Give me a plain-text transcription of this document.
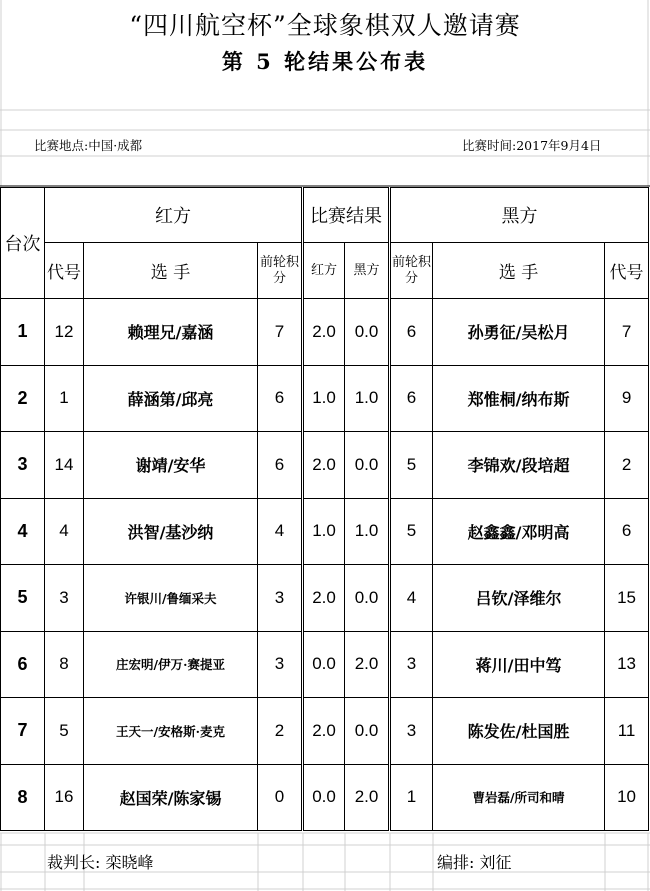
“四川航空杯”全球象棋双人邀请赛
第 5 轮结果公布表
比赛地点:中国·成都	比赛时间:2017年9月4日
台次	红方			比赛结果		黑方		
	代号	选 手	前轮积分	红方	黑方	前轮积分	选 手	代号
1	12	赖理兄/嘉涵	7	2.0	0.0	6	孙勇征/吴松月	7
2	1	薛涵第/邱亮	6	1.0	1.0	6	郑惟桐/纳布斯	9
3	14	谢靖/安华	6	2.0	0.0	5	李锦欢/段培超	2
4	4	洪智/基沙纳	4	1.0	1.0	5	赵鑫鑫/邓明高	6
5	3	许银川/鲁缅采夫	3	2.0	0.0	4	吕钦/泽维尔	15
6	8	庄宏明/伊万·赛提亚	3	0.0	2.0	3	蒋川/田中笃	13
7	5	王天一/安格斯·麦克	2	2.0	0.0	3	陈发佐/杜国胜	11
8	16	赵国荣/陈家锡	0	0.0	2.0	1	曹岩磊/所司和晴	10
裁判长: 栾晓峰	编排: 刘征
